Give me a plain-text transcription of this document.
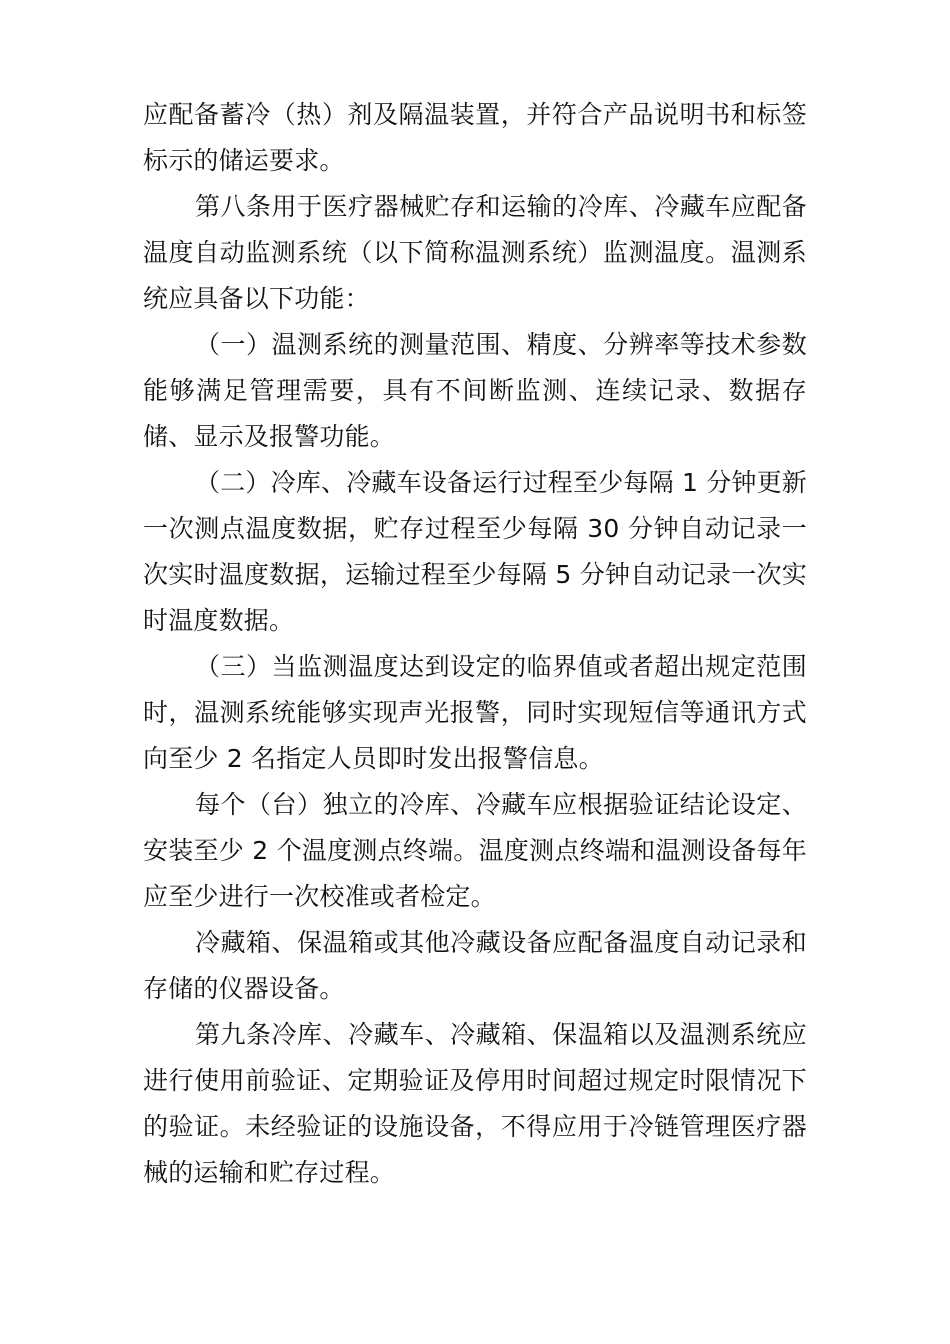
应配备蓄冷（热）剂及隔温装置，并符合产品说明书和标签标示的储运要求。

第八条用于医疗器械贮存和运输的冷库、冷藏车应配备温度自动监测系统（以下简称温测系统）监测温度。温测系统应具备以下功能：

（一）温测系统的测量范围、精度、分辨率等技术参数能够满足管理需要，具有不间断监测、连续记录、数据存储、显示及报警功能。

（二）冷库、冷藏车设备运行过程至少每隔 1 分钟更新一次测点温度数据，贮存过程至少每隔 30 分钟自动记录一次实时温度数据，运输过程至少每隔 5 分钟自动记录一次实时温度数据。

（三）当监测温度达到设定的临界值或者超出规定范围时，温测系统能够实现声光报警，同时实现短信等通讯方式向至少 2 名指定人员即时发出报警信息。

每个（台）独立的冷库、冷藏车应根据验证结论设定、安装至少 2 个温度测点终端。温度测点终端和温测设备每年应至少进行一次校准或者检定。

冷藏箱、保温箱或其他冷藏设备应配备温度自动记录和存储的仪器设备。

第九条冷库、冷藏车、冷藏箱、保温箱以及温测系统应进行使用前验证、定期验证及停用时间超过规定时限情况下的验证。未经验证的设施设备，不得应用于冷链管理医疗器械的运输和贮存过程。
